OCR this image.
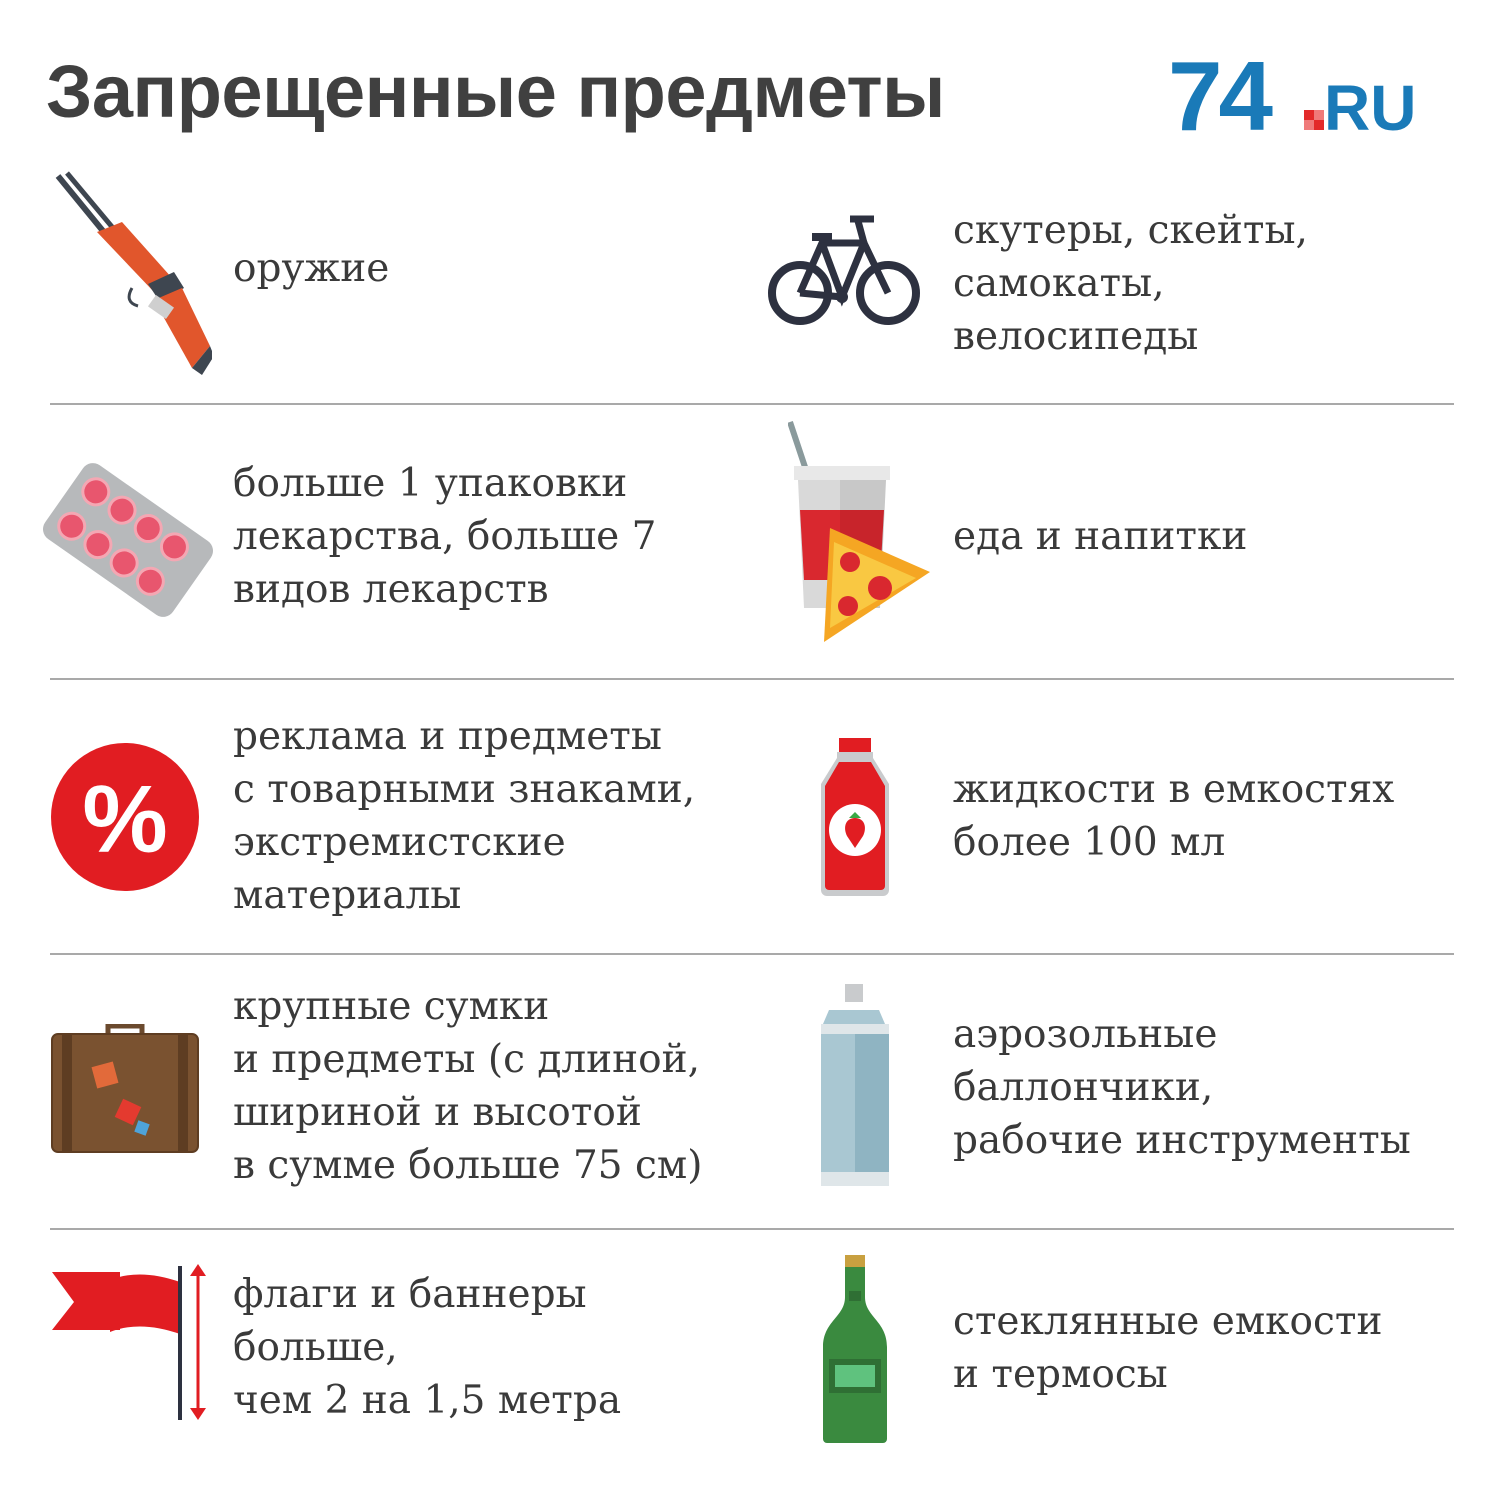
Запрещенные предметы 74 RU
оружие
скутеры, скейты,
самокаты,
велосипеды
больше 1 упаковки
лекарства, больше 7
видов лекарств
еда и напитки
%
реклама и предметы
с товарными знаками,
экстремистские
материалы
жидкости в емкостях
более 100 мл
крупные сумки
и предметы (с длиной,
шириной и высотой
в сумме больше 75 см)
аэрозольные
баллончики,
рабочие инструменты
флаги и баннеры
больше,
чем 2 на 1,5 метра
стеклянные емкости
и термосы
